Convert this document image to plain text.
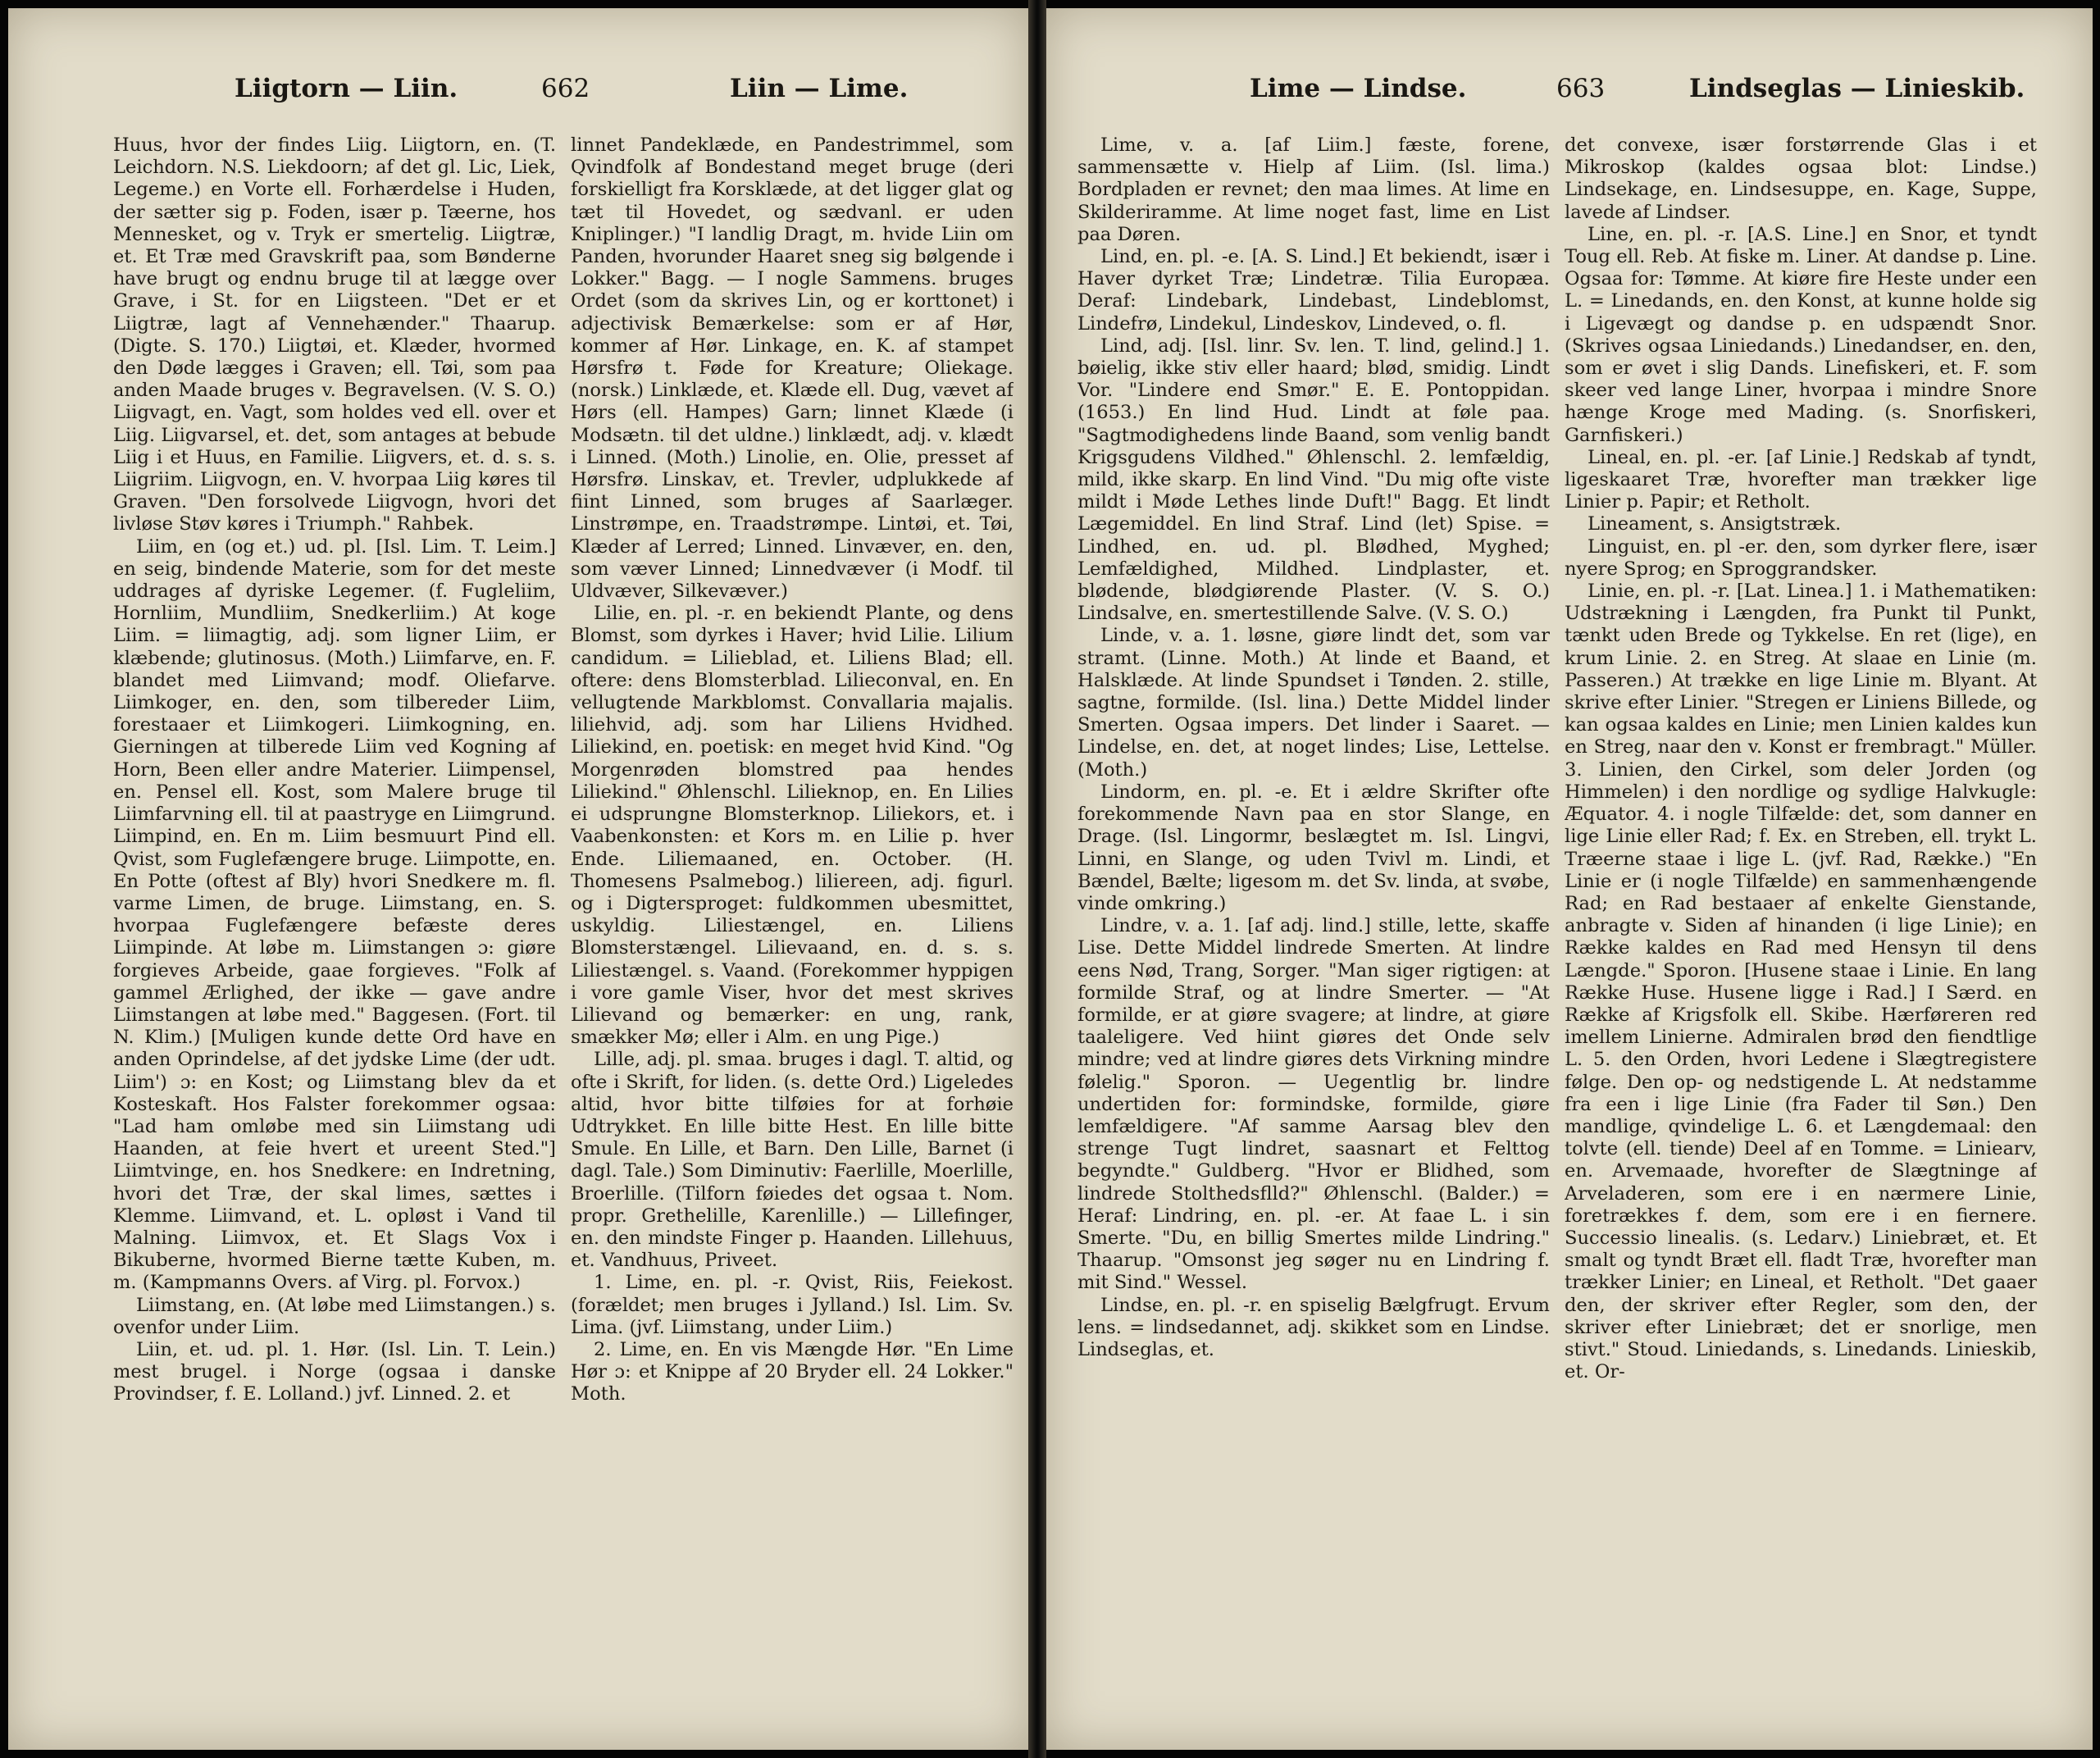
Liigtorn — Liin.	662	Liin — Lime.

Huus, hvor der findes Liig. Liigtorn, en. (T. Leichdorn. N.S. Liekdoorn; af det gl. Lic, Liek, Legeme.) en Vorte ell. Forhærdelse i Huden, der sætter sig p. Foden, især p. Tæerne, hos Mennesket, og v. Tryk er smertelig. Liigtræ, et. Et Træ med Gravskrift paa, som Bønderne have brugt og endnu bruge til at lægge over Grave, i St. for en Liigsteen. "Det er et Liigtræ, lagt af Vennehænder." Thaarup. (Digte. S. 170.) Liigtøi, et. Klæder, hvormed den Døde lægges i Graven; ell. Tøi, som paa anden Maade bruges v. Begravelsen. (V. S. O.) Liigvagt, en. Vagt, som holdes ved ell. over et Liig. Liigvarsel, et. det, som antages at bebude Liig i et Huus, en Familie. Liigvers, et. d. s. s. Liigriim. Liigvogn, en. V. hvorpaa Liig køres til Graven. "Den forsolvede Liigvogn, hvori det livløse Støv køres i Triumph." Rahbek.

Liim, en (og et.) ud. pl. [Isl. Lim. T. Leim.] en seig, bindende Materie, som for det meste uddrages af dyriske Legemer. (f. Fugleliim, Hornliim, Mundliim, Snedkerliim.) At koge Liim. = liimagtig, adj. som ligner Liim, er klæbende; glutinosus. (Moth.) Liimfarve, en. F. blandet med Liimvand; modf. Oliefarve. Liimkoger, en. den, som tilbereder Liim, forestaaer et Liimkogeri. Liimkogning, en. Gierningen at tilberede Liim ved Kogning af Horn, Been eller andre Materier. Liimpensel, en. Pensel ell. Kost, som Malere bruge til Liimfarvning ell. til at paastryge en Liimgrund. Liimpind, en. En m. Liim besmuurt Pind ell. Qvist, som Fuglefængere bruge. Liimpotte, en. En Potte (oftest af Bly) hvori Snedkere m. fl. varme Limen, de bruge. Liimstang, en. S. hvorpaa Fuglefængere befæste deres Liimpinde. At løbe m. Liimstangen ɔ: giøre forgieves Arbeide, gaae forgieves. "Folk af gammel Ærlighed, der ikke — gave andre Liimstangen at løbe med." Baggesen. (Fort. til N. Klim.) [Muligen kunde dette Ord have en anden Oprindelse, af det jydske Lime (der udt. Liim') ɔ: en Kost; og Liimstang blev da et Kosteskaft. Hos Falster forekommer ogsaa: "Lad ham omløbe med sin Liimstang udi Haanden, at feie hvert et ureent Sted."] Liimtvinge, en. hos Snedkere: en Indretning, hvori det Træ, der skal limes, sættes i Klemme. Liimvand, et. L. opløst i Vand til Malning. Liimvox, et. Et Slags Vox i Bikuberne, hvormed Bierne tætte Kuben, m. m. (Kampmanns Overs. af Virg. pl. Forvox.)

Liimstang, en. (At løbe med Liimstangen.) s. ovenfor under Liim.

Liin, et. ud. pl. 1. Hør. (Isl. Lin. T. Lein.) mest brugel. i Norge (ogsaa i danske Provindser, f. E. Lolland.) jvf. Linned. 2. et

linnet Pandeklæde, en Pandestrimmel, som Qvindfolk af Bondestand meget bruge (deri forskielligt fra Korsklæde, at det ligger glat og tæt til Hovedet, og sædvanl. er uden Kniplinger.) "I landlig Dragt, m. hvide Liin om Panden, hvorunder Haaret sneg sig bølgende i Lokker." Bagg. — I nogle Sammens. bruges Ordet (som da skrives Lin, og er korttonet) i adjectivisk Bemærkelse: som er af Hør, kommer af Hør. Linkage, en. K. af stampet Hørsfrø t. Føde for Kreature; Oliekage. (norsk.) Linklæde, et. Klæde ell. Dug, vævet af Hørs (ell. Hampes) Garn; linnet Klæde (i Modsætn. til det uldne.) linklædt, adj. v. klædt i Linned. (Moth.) Linolie, en. Olie, presset af Hørsfrø. Linskav, et. Trevler, udplukkede af fiint Linned, som bruges af Saarlæger. Linstrømpe, en. Traadstrømpe. Lintøi, et. Tøi, Klæder af Lerred; Linned. Linvæver, en. den, som væver Linned; Linnedvæver (i Modf. til Uldvæver, Silkevæver.)

Lilie, en. pl. -r. en bekiendt Plante, og dens Blomst, som dyrkes i Haver; hvid Lilie. Lilium candidum. = Lilieblad, et. Liliens Blad; ell. oftere: dens Blomsterblad. Lilieconval, en. En vellugtende Markblomst. Convallaria majalis. liliehvid, adj. som har Liliens Hvidhed. Liliekind, en. poetisk: en meget hvid Kind. "Og Morgenrøden blomstred paa hendes Liliekind." Øhlenschl. Lilieknop, en. En Lilies ei udsprungne Blomsterknop. Liliekors, et. i Vaabenkonsten: et Kors m. en Lilie p. hver Ende. Liliemaaned, en. October. (H. Thomesens Psalmebog.) liliereen, adj. figurl. og i Digtersproget: fuldkommen ubesmittet, uskyldig. Liliestængel, en. Liliens Blomsterstængel. Lilievaand, en. d. s. s. Liliestængel. s. Vaand. (Forekommer hyppigen i vore gamle Viser, hvor det mest skrives Lilievand og bemærker: en ung, rank, smækker Mø; eller i Alm. en ung Pige.)

Lille, adj. pl. smaa. bruges i dagl. T. altid, og ofte i Skrift, for liden. (s. dette Ord.) Ligeledes altid, hvor bitte tilføies for at forhøie Udtrykket. En lille bitte Hest. En lille bitte Smule. En Lille, et Barn. Den Lille, Barnet (i dagl. Tale.) Som Diminutiv: Faerlille, Moerlille, Broerlille. (Tilforn føiedes det ogsaa t. Nom. propr. Grethelille, Karenlille.) — Lillefinger, en. den mindste Finger p. Haanden. Lillehuus, et. Vandhuus, Priveet.

1. Lime, en. pl. -r. Qvist, Riis, Feiekost. (forældet; men bruges i Jylland.) Isl. Lim. Sv. Lima. (jvf. Liimstang, under Liim.)

2. Lime, en. En vis Mængde Hør. "En Lime Hør ɔ: et Knippe af 20 Bryder ell. 24 Lokker." Moth.

Lime — Lindse.	663	Lindseglas — Linieskib.

Lime, v. a. [af Liim.] fæste, forene, sammensætte v. Hielp af Liim. (Isl. lima.) Bordpladen er revnet; den maa limes. At lime en Skilderiramme. At lime noget fast, lime en List paa Døren.

Lind, en. pl. -e. [A. S. Lind.] Et bekiendt, især i Haver dyrket Træ; Lindetræ. Tilia Europæa. Deraf: Lindebark, Lindebast, Lindeblomst, Lindefrø, Lindekul, Lindeskov, Lindeved, o. fl.

Lind, adj. [Isl. linr. Sv. len. T. lind, gelind.] 1. bøielig, ikke stiv eller haard; blød, smidig. Lindt Vor. "Lindere end Smør." E. E. Pontoppidan. (1653.) En lind Hud. Lindt at føle paa. "Sagtmodighedens linde Baand, som venlig bandt Krigsgudens Vildhed." Øhlenschl. 2. lemfældig, mild, ikke skarp. En lind Vind. "Du mig ofte viste mildt i Møde Lethes linde Duft!" Bagg. Et lindt Lægemiddel. En lind Straf. Lind (let) Spise. = Lindhed, en. ud. pl. Blødhed, Myghed; Lemfældighed, Mildhed. Lindplaster, et. blødende, blødgiørende Plaster. (V. S. O.) Lindsalve, en. smertestillende Salve. (V. S. O.)

Linde, v. a. 1. løsne, giøre lindt det, som var stramt. (Linne. Moth.) At linde et Baand, et Halsklæde. At linde Spundset i Tønden. 2. stille, sagtne, formilde. (Isl. lina.) Dette Middel linder Smerten. Ogsaa impers. Det linder i Saaret. — Lindelse, en. det, at noget lindes; Lise, Lettelse. (Moth.)

Lindorm, en. pl. -e. Et i ældre Skrifter ofte forekommende Navn paa en stor Slange, en Drage. (Isl. Lingormr, beslægtet m. Isl. Lingvi, Linni, en Slange, og uden Tvivl m. Lindi, et Bændel, Bælte; ligesom m. det Sv. linda, at svøbe, vinde omkring.)

Lindre, v. a. 1. [af adj. lind.] stille, lette, skaffe Lise. Dette Middel lindrede Smerten. At lindre eens Nød, Trang, Sorger. "Man siger rigtigen: at formilde Straf, og at lindre Smerter. — "At formilde, er at giøre svagere; at lindre, at giøre taaleligere. Ved hiint giøres det Onde selv mindre; ved at lindre giøres dets Virkning mindre følelig." Sporon. — Uegentlig br. lindre undertiden for: formindske, formilde, giøre lemfældigere. "Af samme Aarsag blev den strenge Tugt lindret, saasnart et Felttog begyndte." Guldberg. "Hvor er Blidhed, som lindrede Stolthedsflld?" Øhlenschl. (Balder.) = Heraf: Lindring, en. pl. -er. At faae L. i sin Smerte. "Du, en billig Smertes milde Lindring." Thaarup. "Omsonst jeg søger nu en Lindring f. mit Sind." Wessel.

Lindse, en. pl. -r. en spiselig Bælgfrugt. Ervum lens. = lindsedannet, adj. skikket som en Lindse. Lindseglas, et.

det convexe, især forstørrende Glas i et Mikroskop (kaldes ogsaa blot: Lindse.) Lindsekage, en. Lindsesuppe, en. Kage, Suppe, lavede af Lindser.

Line, en. pl. -r. [A.S. Line.] en Snor, et tyndt Toug ell. Reb. At fiske m. Liner. At dandse p. Line. Ogsaa for: Tømme. At kiøre fire Heste under een L. = Linedands, en. den Konst, at kunne holde sig i Ligevægt og dandse p. en udspændt Snor. (Skrives ogsaa Liniedands.) Linedandser, en. den, som er øvet i slig Dands. Linefiskeri, et. F. som skeer ved lange Liner, hvorpaa i mindre Snore hænge Kroge med Mading. (s. Snorfiskeri, Garnfiskeri.)

Lineal, en. pl. -er. [af Linie.] Redskab af tyndt, ligeskaaret Træ, hvorefter man trækker lige Linier p. Papir; et Retholt.

Lineament, s. Ansigtstræk.

Linguist, en. pl -er. den, som dyrker flere, især nyere Sprog; en Sproggrandsker.

Linie, en. pl. -r. [Lat. Linea.] 1. i Mathematiken: Udstrækning i Længden, fra Punkt til Punkt, tænkt uden Brede og Tykkelse. En ret (lige), en krum Linie. 2. en Streg. At slaae en Linie (m. Passeren.) At trække en lige Linie m. Blyant. At skrive efter Linier. "Stregen er Liniens Billede, og kan ogsaa kaldes en Linie; men Linien kaldes kun en Streg, naar den v. Konst er frembragt." Müller. 3. Linien, den Cirkel, som deler Jorden (og Himmelen) i den nordlige og sydlige Halvkugle: Æquator. 4. i nogle Tilfælde: det, som danner en lige Linie eller Rad; f. Ex. en Streben, ell. trykt L. Træerne staae i lige L. (jvf. Rad, Række.) "En Linie er (i nogle Tilfælde) en sammenhængende Rad; en Rad bestaaer af enkelte Gienstande, anbragte v. Siden af hinanden (i lige Linie); en Række kaldes en Rad med Hensyn til dens Længde." Sporon. [Husene staae i Linie. En lang Række Huse. Husene ligge i Rad.] I Særd. en Række af Krigsfolk ell. Skibe. Hærføreren red imellem Linierne. Admiralen brød den fiendtlige L. 5. den Orden, hvori Ledene i Slægtregistere følge. Den op- og nedstigende L. At nedstamme fra een i lige Linie (fra Fader til Søn.) Den mandlige, qvindelige L. 6. et Længdemaal: den tolvte (ell. tiende) Deel af en Tomme. = Liniearv, en. Arvemaade, hvorefter de Slægtninge af Arveladeren, som ere i en nærmere Linie, foretrækkes f. dem, som ere i en fiernere. Successio linealis. (s. Ledarv.) Liniebræt, et. Et smalt og tyndt Bræt ell. fladt Træ, hvorefter man trækker Linier; en Lineal, et Retholt. "Det gaaer den, der skriver efter Regler, som den, der skriver efter Liniebræt; det er snorlige, men stivt." Stoud. Liniedands, s. Linedands. Linieskib, et. Or-
